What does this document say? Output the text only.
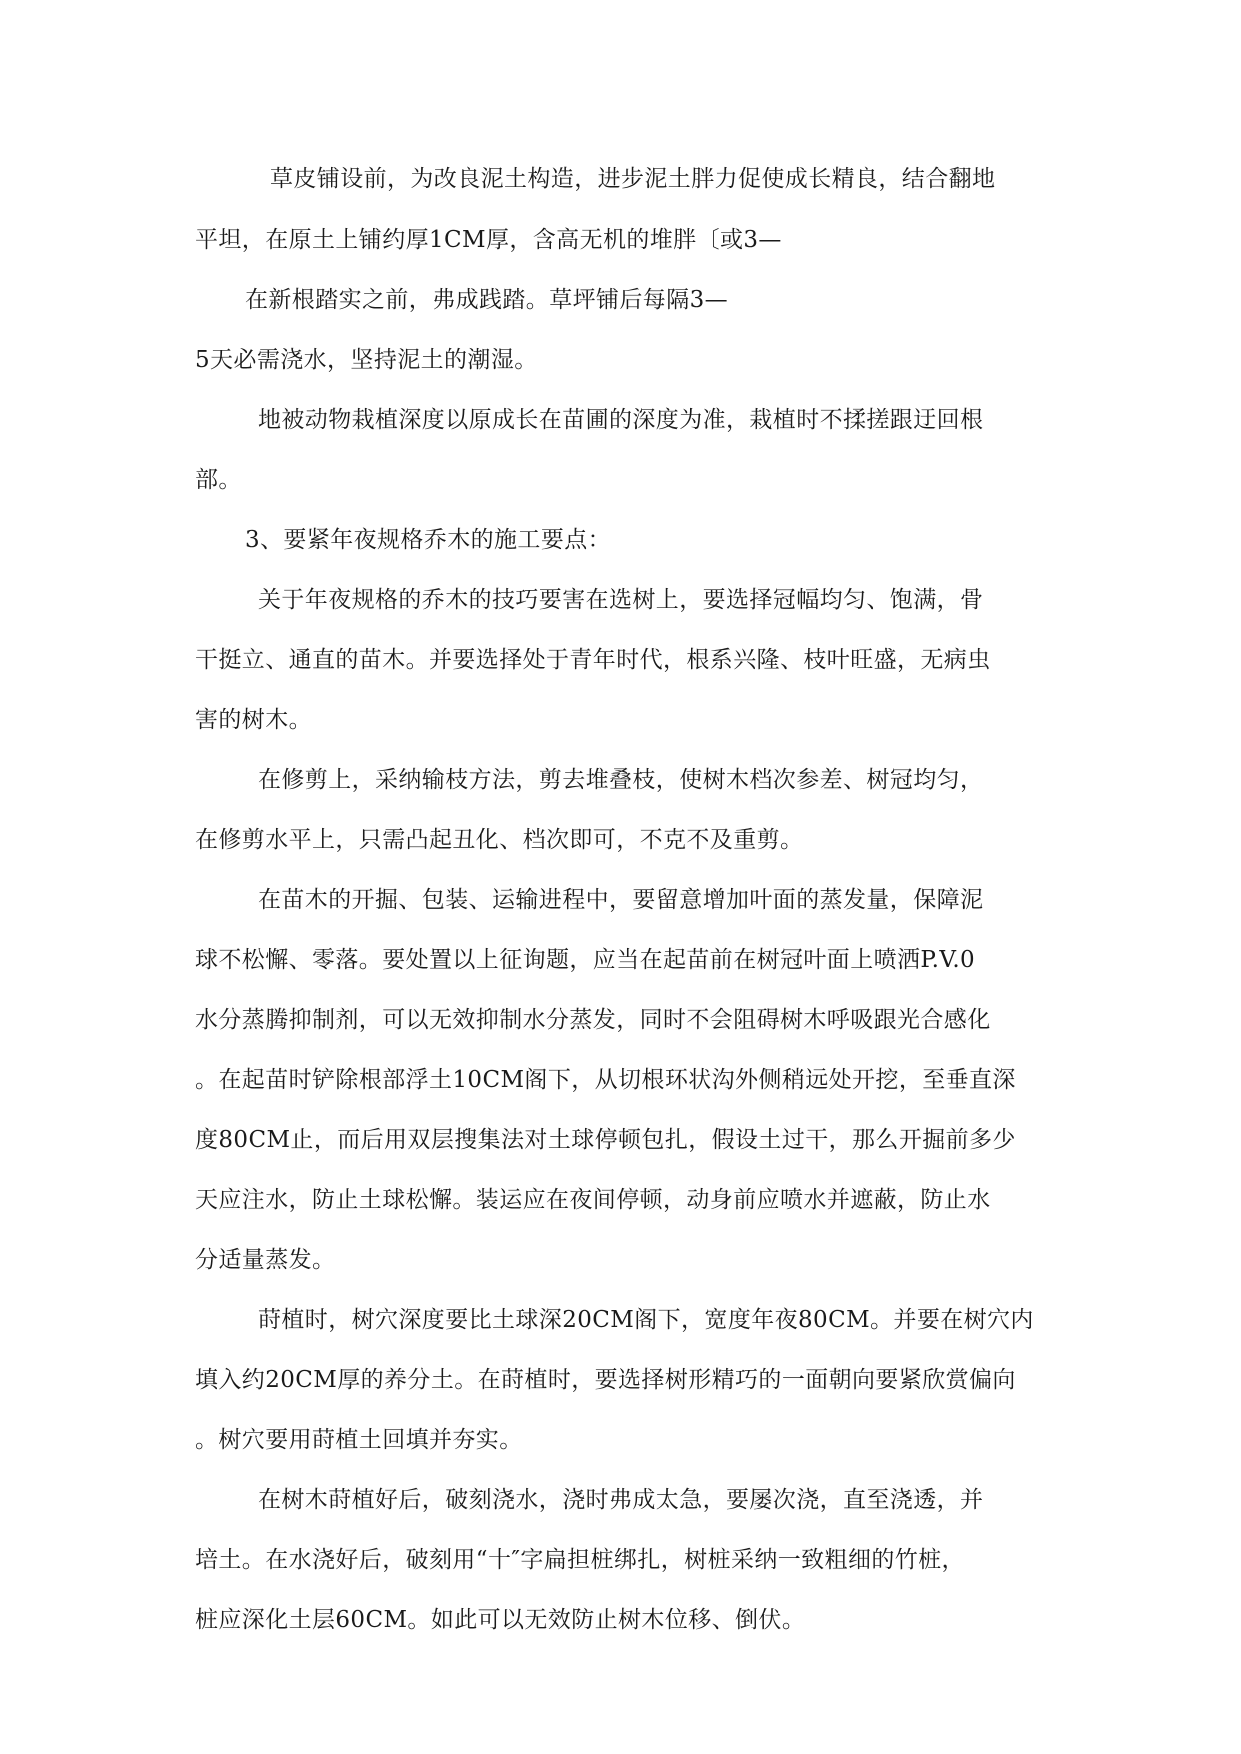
草皮铺设前，为改良泥土构造，进步泥土胖力促使成长精良，结合翻地
平坦，在原土上铺约厚1CM厚，含高无机的堆胖〔或3—
在新根踏实之前，弗成践踏。草坪铺后每隔3—
5天必需浇水，坚持泥土的潮湿。
地被动物栽植深度以原成长在苗圃的深度为准，栽植时不揉搓跟迂回根
部。
3、要紧年夜规格乔木的施工要点：
关于年夜规格的乔木的技巧要害在选树上，要选择冠幅均匀、饱满，骨
干挺立、通直的苗木。并要选择处于青年时代，根系兴隆、枝叶旺盛，无病虫
害的树木。
在修剪上，采纳输枝方法，剪去堆叠枝，使树木档次参差、树冠均匀，
在修剪水平上，只需凸起丑化、档次即可，不克不及重剪。
在苗木的开掘、包装、运输进程中，要留意增加叶面的蒸发量，保障泥
球不松懈、零落。要处置以上征询题，应当在起苗前在树冠叶面上喷洒P.V.0
水分蒸腾抑制剂，可以无效抑制水分蒸发，同时不会阻碍树木呼吸跟光合感化
。在起苗时铲除根部浮土10CM阁下，从切根环状沟外侧稍远处开挖，至垂直深
度80CM止，而后用双层搜集法对土球停顿包扎，假设土过干，那么开掘前多少
天应注水，防止土球松懈。装运应在夜间停顿，动身前应喷水并遮蔽，防止水
分适量蒸发。
莳植时，树穴深度要比土球深20CM阁下，宽度年夜80CM。并要在树穴内
填入约20CM厚的养分土。在莳植时，要选择树形精巧的一面朝向要紧欣赏偏向
。树穴要用莳植土回填并夯实。
在树木莳植好后，破刻浇水，浇时弗成太急，要屡次浇，直至浇透，并
培土。在水浇好后，破刻用“十″字扁担桩绑扎，树桩采纳一致粗细的竹桩，
桩应深化土层60CM。如此可以无效防止树木位移、倒伏。
